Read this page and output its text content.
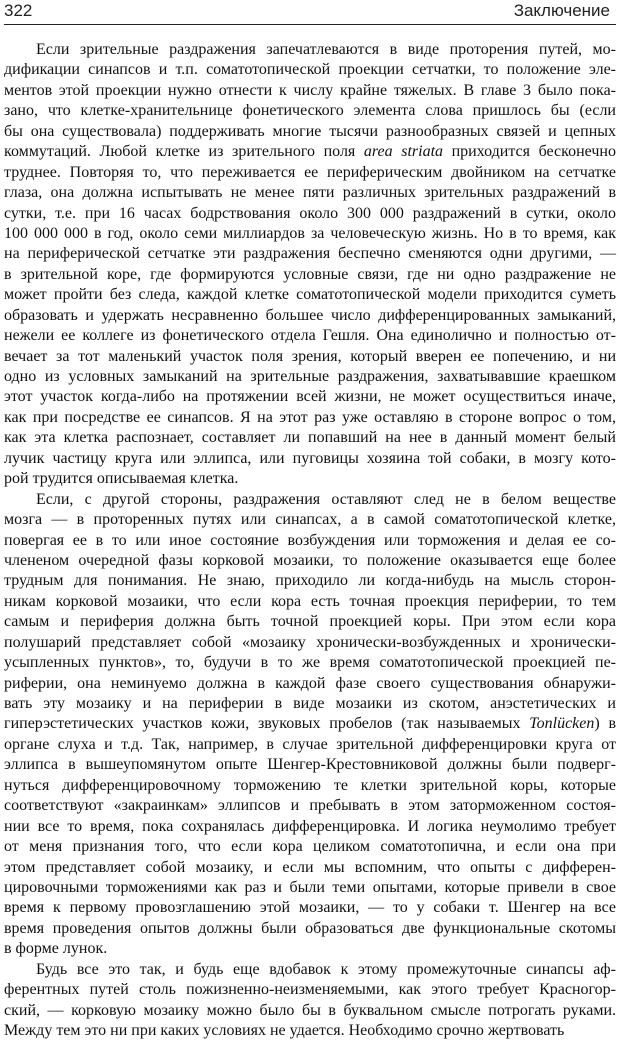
322	Заключение
Если зрительные раздражения запечатлеваются в виде проторения путей, мо-
дификации синапсов и т.п. соматотопической проекции сетчатки, то положение эле-
ментов этой проекции нужно отнести к числу крайне тяжелых. В главе 3 было пока-
зано, что клетке-хранительнице фонетического элемента слова пришлось бы (если
бы она существовала) поддерживать многие тысячи разнообразных связей и цепных
коммутаций. Любой клетке из зрительного поля area striata приходится бесконечно
труднее. Повторяя то, что переживается ее периферическим двойником на сетчатке
глаза, она должна испытывать не менее пяти различных зрительных раздражений в
сутки, т.е. при 16 часах бодрствования около 300 000 раздражений в сутки, около
100 000 000 в год, около семи миллиардов за человеческую жизнь. Но в то время, как
на периферической сетчатке эти раздражения беспечно сменяются одни другими, —
в зрительной коре, где формируются условные связи, где ни одно раздражение не
может пройти без следа, каждой клетке соматотопической модели приходится суметь
образовать и удержать несравненно большее число дифференцированных замыканий,
нежели ее коллеге из фонетического отдела Гешля. Она единолично и полностью от-
вечает за тот маленький участок поля зрения, который вверен ее попечению, и ни
одно из условных замыканий на зрительные раздражения, захватывавшие краешком
этот участок когда-либо на протяжении всей жизни, не может осуществиться иначе,
как при посредстве ее синапсов. Я на этот раз уже оставляю в стороне вопрос о том,
как эта клетка распознает, составляет ли попавший на нее в данный момент белый
лучик частицу круга или эллипса, или пуговицы хозяина той собаки, в мозгу кото-
рой трудится описываемая клетка.
Если, с другой стороны, раздражения оставляют след не в белом веществе
мозга — в проторенных путях или синапсах, а в самой соматотопической клетке,
повергая ее в то или иное состояние возбуждения или торможения и делая ее со-
члененом очередной фазы корковой мозаики, то положение оказывается еще более
трудным для понимания. Не знаю, приходило ли когда-нибудь на мысль сторон-
никам корковой мозаики, что если кора есть точная проекция периферии, то тем
самым и периферия должна быть точной проекцией коры. При этом если кора
полушарий представляет собой «мозаику хронически-возбужденных и хронически-
усыпленных пунктов», то, будучи в то же время соматотопической проекцией пе-
риферии, она неминуемо должна в каждой фазе своего существования обнаружи-
вать эту мозаику и на периферии в виде мозаики из скотом, анэстетических и
гиперэстетических участков кожи, звуковых пробелов (так называемых Tonlücken) в
органе слуха и т.д. Так, например, в случае зрительной дифференцировки круга от
эллипса в вышеупомянутом опыте Шенгер-Крестовниковой должны были подверг-
нуться дифференцировочному торможению те клетки зрительной коры, которые
соответствуют «закраинкам» эллипсов и пребывать в этом заторможенном состоя-
нии все то время, пока сохранялась дифференцировка. И логика неумолимо требует
от меня признания того, что если кора целиком соматотопична, и если она при
этом представляет собой мозаику, и если мы вспомним, что опыты с дифферен-
цировочными торможениями как раз и были теми опытами, которые привели в свое
время к первому провозглашению этой мозаики, — то у собаки т. Шенгер на все
время проведения опытов должны были образоваться две функциональные скотомы
в форме лунок.
Будь все это так, и будь еще вдобавок к этому промежуточные синапсы аф-
ферентных путей столь пожизненно-неизменяемыми, как этого требует Красногор-
ский, — корковую мозаику можно было бы в буквальном смысле потрогать руками.
Между тем это ни при каких условиях не удается. Необходимо срочно жертвовать
